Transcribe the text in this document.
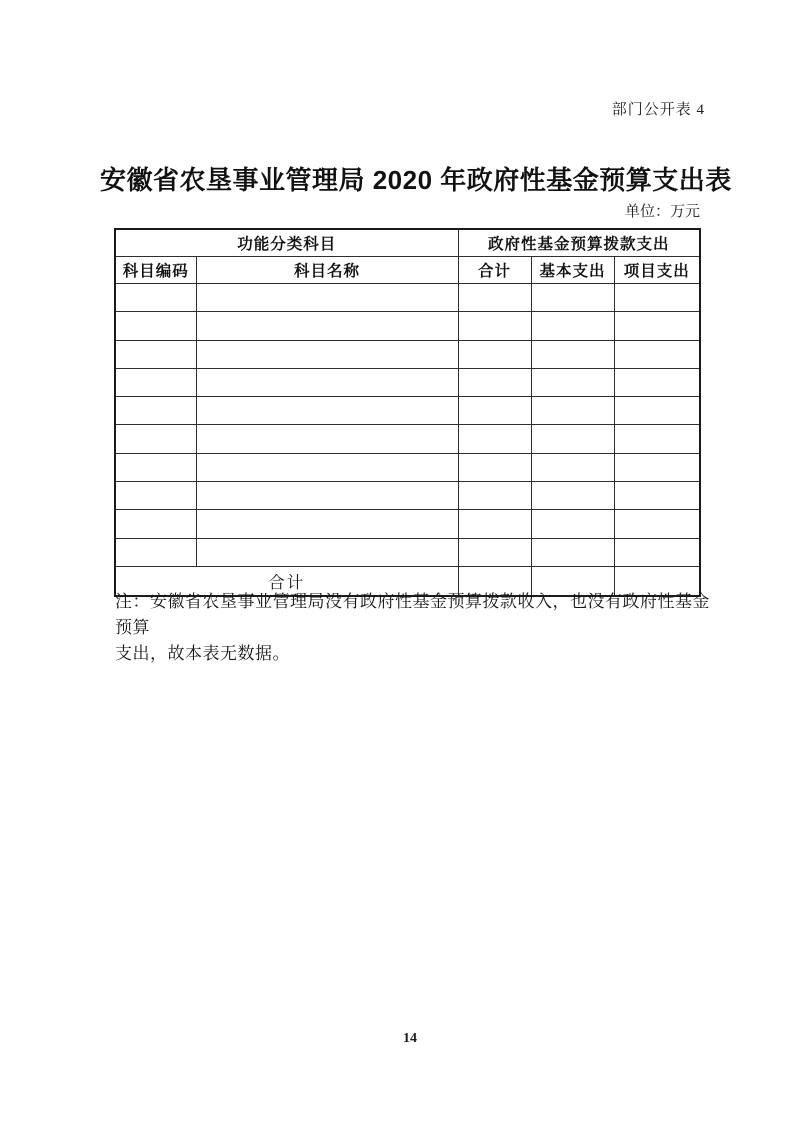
部门公开表 4
安徽省农垦事业管理局 2020 年政府性基金预算支出表
单位：万元
功能分类科目		政府性基金预算拨款支出		
科目编码	科目名称	合计	基本支出	项目支出

合计				

注：安徽省农垦事业管理局没有政府性基金预算拨款收入，也没有政府性基金预算
支出，故本表无数据。

14
